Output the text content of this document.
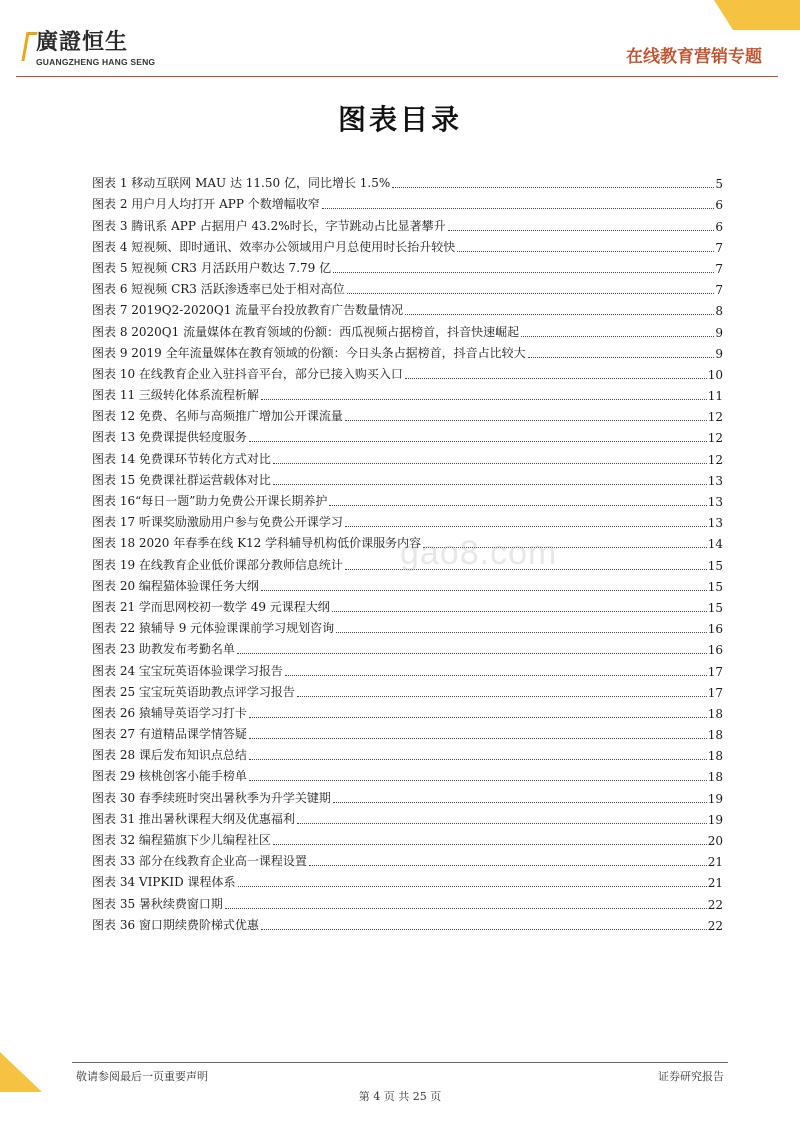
廣證恒生
GUANGZHENG HANG SENG	在线教育营销专题
图表目录
图表 1 移动互联网 MAU 达 11.50 亿，同比增长 1.5%	5
图表 2 用户月人均打开 APP 个数增幅收窄	6
图表 3 腾讯系 APP 占据用户 43.2%时长，字节跳动占比显著攀升	6
图表 4 短视频、即时通讯、效率办公领域用户月总使用时长抬升较快	7
图表 5 短视频 CR3 月活跃用户数达 7.79 亿	7
图表 6 短视频 CR3 活跃渗透率已处于相对高位	7
图表 7 2019Q2-2020Q1 流量平台投放教育广告数量情况	8
图表 8 2020Q1 流量媒体在教育领域的份额：西瓜视频占据榜首，抖音快速崛起	9
图表 9 2019 全年流量媒体在教育领域的份额：今日头条占据榜首，抖音占比较大	9
图表 10 在线教育企业入驻抖音平台，部分已接入购买入口	10
图表 11 三级转化体系流程析解	11
图表 12 免费、名师与高频推广增加公开课流量	12
图表 13 免费课提供轻度服务	12
图表 14 免费课环节转化方式对比	12
图表 15 免费课社群运营载体对比	13
图表 16“每日一题”助力免费公开课长期养护	13
图表 17 听课奖励激励用户参与免费公开课学习	13
图表 18 2020 年春季在线 K12 学科辅导机构低价课服务内容	14
图表 19 在线教育企业低价课部分教师信息统计	15
图表 20 编程猫体验课任务大纲	15
图表 21 学而思网校初一数学 49 元课程大纲	15
图表 22 猿辅导 9 元体验课课前学习规划咨询	16
图表 23 助教发布考勤名单	16
图表 24 宝宝玩英语体验课学习报告	17
图表 25 宝宝玩英语助教点评学习报告	17
图表 26 猿辅导英语学习打卡	18
图表 27 有道精品课学情答疑	18
图表 28 课后发布知识点总结	18
图表 29 核桃创客小能手榜单	18
图表 30 春季续班时突出暑秋季为升学关键期	19
图表 31 推出暑秋课程大纲及优惠福利	19
图表 32 编程猫旗下少儿编程社区	20
图表 33 部分在线教育企业高一课程设置	21
图表 34 VIPKID 课程体系	21
图表 35 暑秋续费窗口期	22
图表 36 窗口期续费阶梯式优惠	22
gao8.com
敬请参阅最后一页重要声明	证券研究报告
第 4 页 共 25 页
